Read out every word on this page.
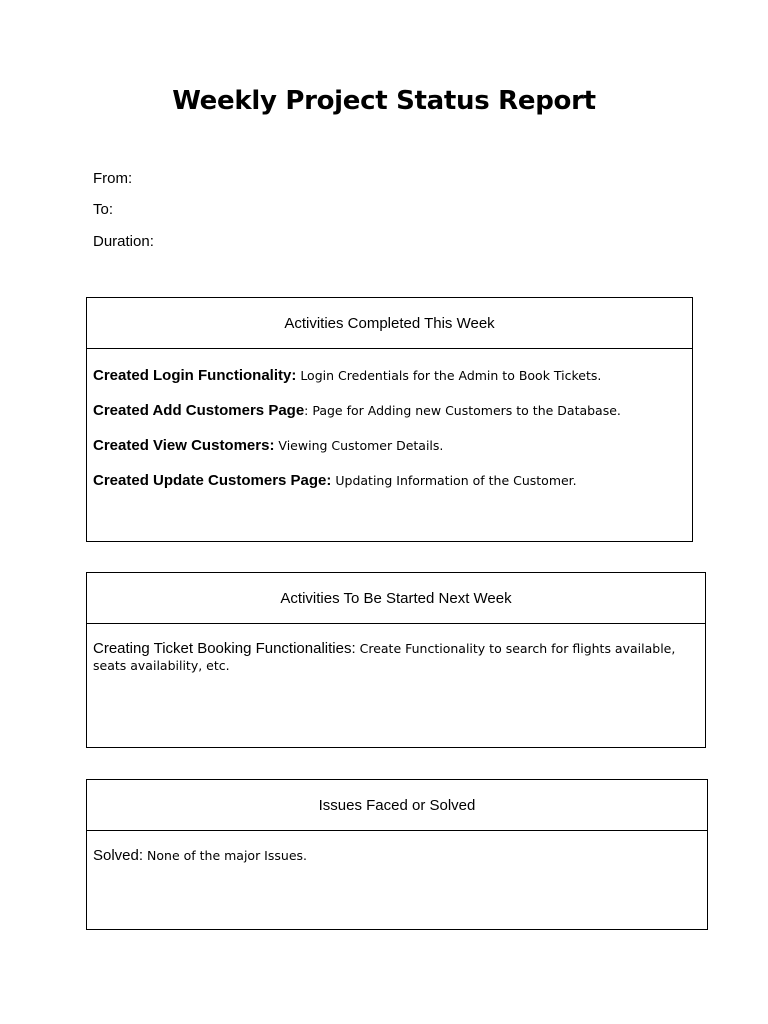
Weekly Project Status Report
From:
To:
Duration:
Activities Completed This Week
Created Login Functionality: Login Credentials for the Admin to Book Tickets.
Created Add Customers Page: Page for Adding new Customers to the Database.
Created View Customers: Viewing Customer Details.
Created Update Customers Page: Updating Information of the Customer.
Activities To Be Started Next Week
Creating Ticket Booking Functionalities: Create Functionality to search for flights available, seats availability, etc.
Issues Faced or Solved
Solved: None of the major Issues.
